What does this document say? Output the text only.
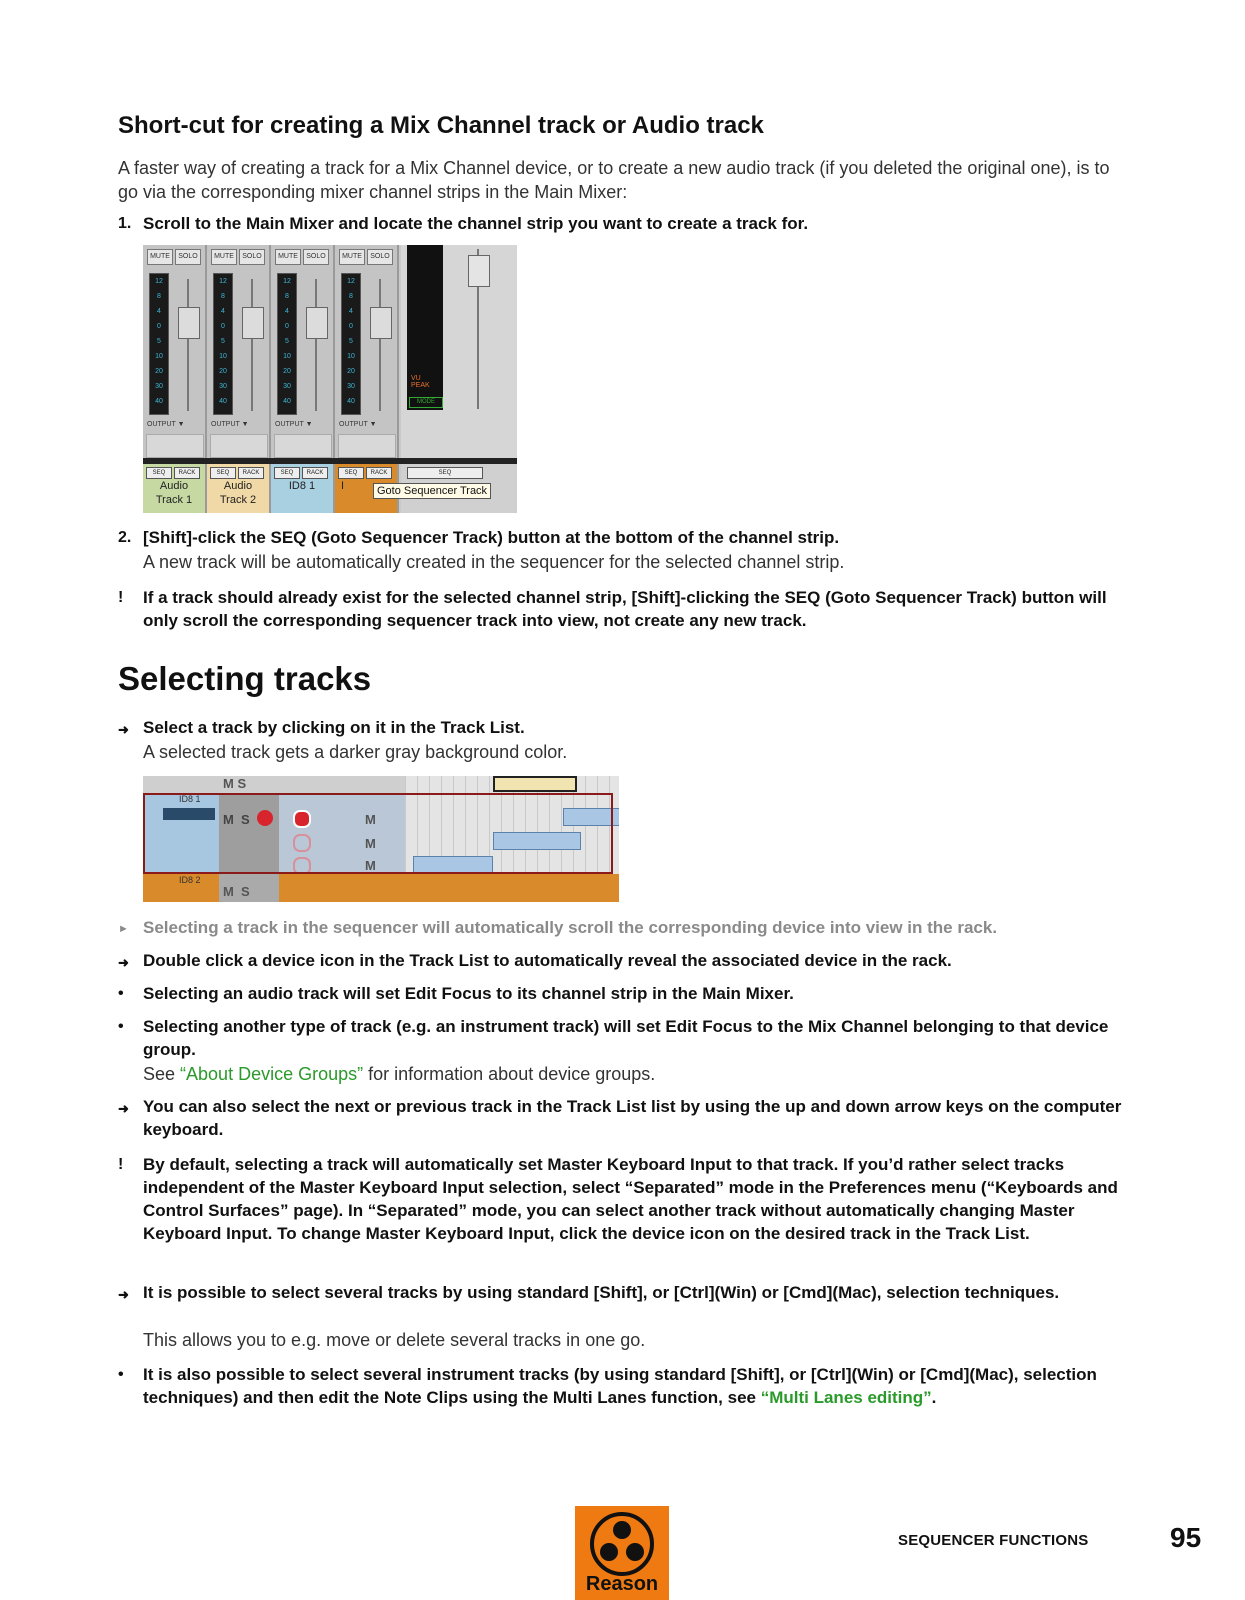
Short-cut for creating a Mix Channel track or Audio track
A faster way of creating a track for a Mix Channel device, or to create a new audio track (if you deleted the original one), is to go via the corresponding mixer channel strips in the Main Mixer:
1. Scroll to the Main Mixer and locate the channel strip you want to create a track for.
MUTE	SOLO
12
8
4
0
5
10
20
30
40
OUTPUT ▼
MUTE	SOLO
12
8
4
0
5
10
20
30
40
OUTPUT ▼
MUTE	SOLO
12
8
4
0
5
10
20
30
40
OUTPUT ▼
MUTE	SOLO
12
8
4
0
5
10
20
30
40
OUTPUT ▼
VU PEAK
MODE
SEQ	RACK
Audio Track 1
SEQ	RACK
Audio Track 2
SEQ	RACK
ID8 1
SEQ	RACK
I
SEQ
Goto Sequencer Track
2. [Shift]-click the SEQ (Goto Sequencer Track) button at the bottom of the channel strip.
A new track will be automatically created in the sequencer for the selected channel strip.
!	If a track should already exist for the selected channel strip, [Shift]-clicking the SEQ (Goto Sequencer Track) button will only scroll the corresponding sequencer track into view, not create any new track.
Selecting tracks
➜ Select a track by clicking on it in the Track List.
A selected track gets a darker gray background color.
M S
ID8 1
M S	M
M
M
ID8 2
M S
► Selecting a track in the sequencer will automatically scroll the corresponding device into view in the rack.
➜ Double click a device icon in the Track List to automatically reveal the associated device in the rack.
•	Selecting an audio track will set Edit Focus to its channel strip in the Main Mixer.
•	Selecting another type of track (e.g. an instrument track) will set Edit Focus to the Mix Channel belonging to that device group.
See “About Device Groups” for information about device groups.
➜ You can also select the next or previous track in the Track List list by using the up and down arrow keys on the computer keyboard.
!	By default, selecting a track will automatically set Master Keyboard Input to that track. If you’d rather select tracks independent of the Master Keyboard Input selection, select “Separated” mode in the Preferences menu (“Keyboards and Control Surfaces” page). In “Separated” mode, you can select another track without automatically changing Master Keyboard Input. To change Master Keyboard Input, click the device icon on the desired track in the Track List.
➜ It is possible to select several tracks by using standard [Shift], or [Ctrl](Win) or [Cmd](Mac), selection techniques.
This allows you to e.g. move or delete several tracks in one go.
•	It is also possible to select several instrument tracks (by using standard [Shift], or [Ctrl](Win) or [Cmd](Mac), selection techniques) and then edit the Note Clips using the Multi Lanes function, see “Multi Lanes editing”.
Reason
SEQUENCER FUNCTIONS	95
